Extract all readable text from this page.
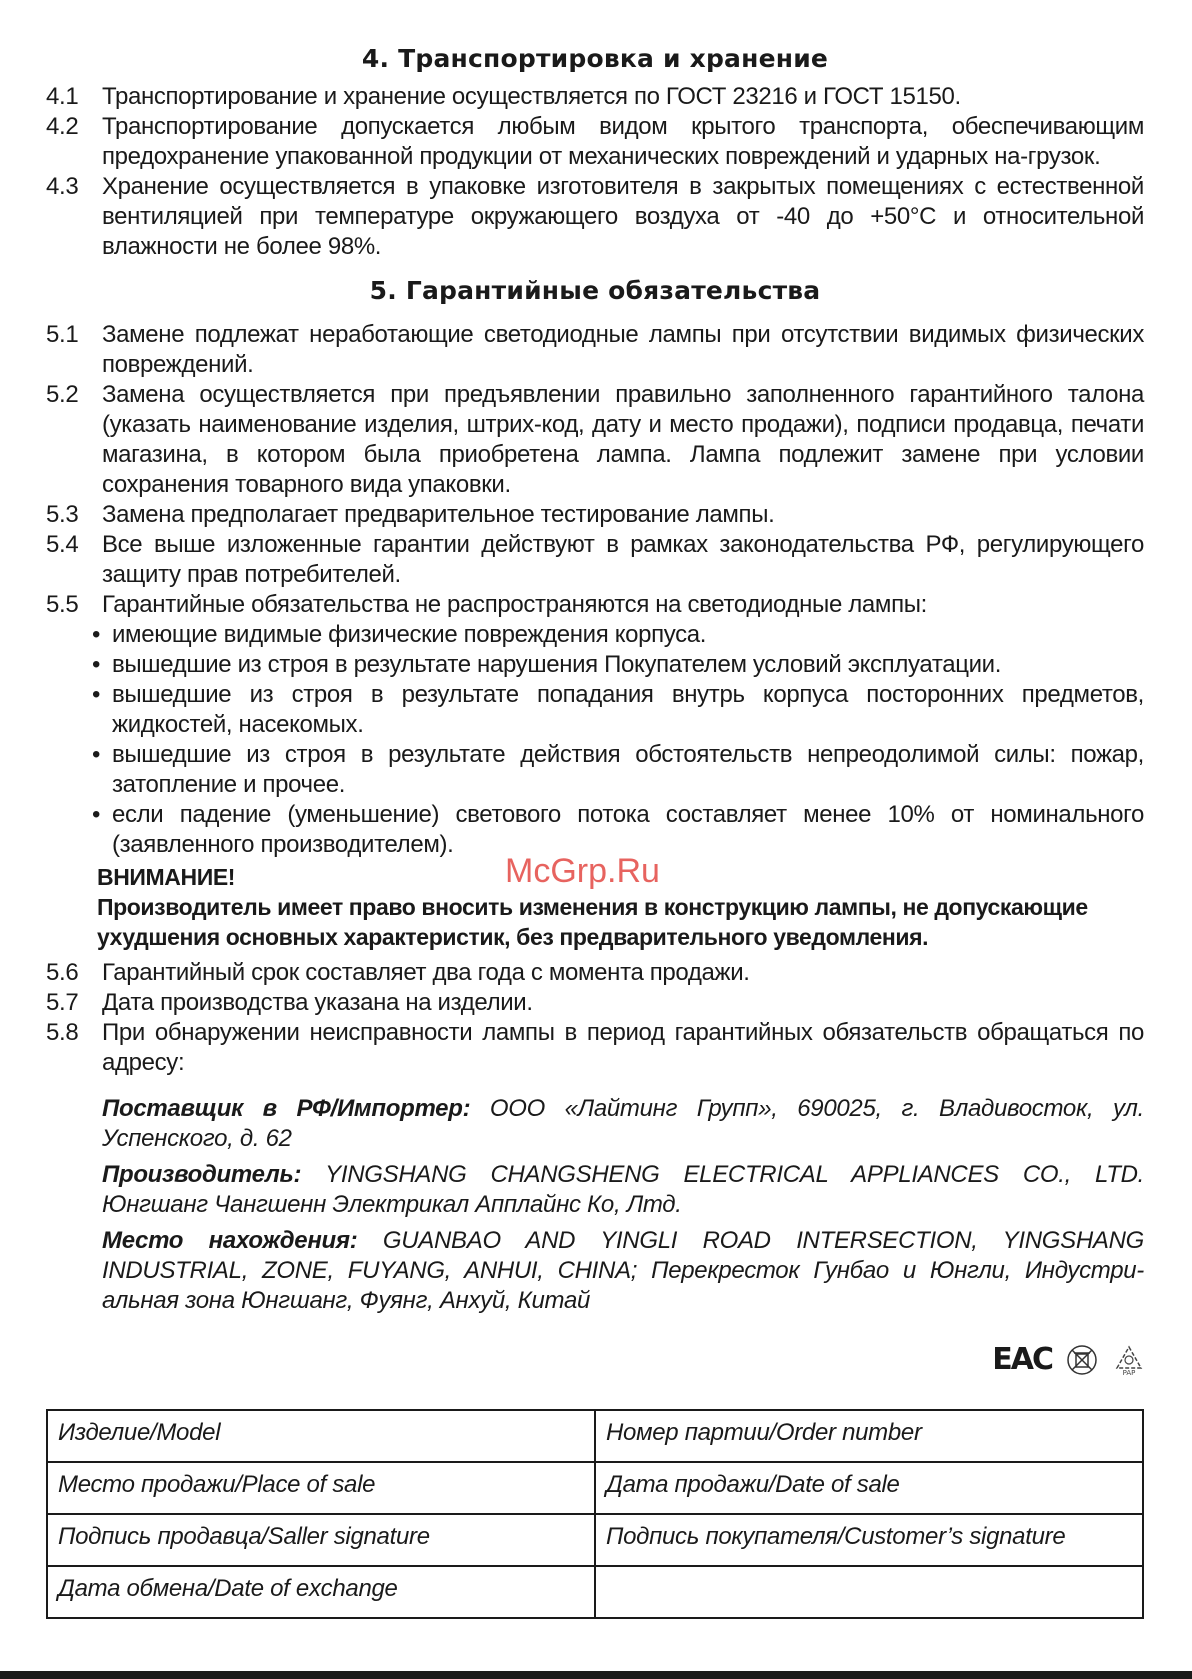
4. Транспортировка и хранение

4.1 Транспортирование и хранение осуществляется по ГОСТ 23216 и ГОСТ 15150.

4.2 Транспортирование допускается любым видом крытого транспорта, обеспечивающим предохранение упакованной продукции от механических повреждений и ударных на-грузок.

4.3 Хранение осуществляется в упаковке изготовителя в закрытых помещениях с естественной вентиляцией при температуре окружающего воздуха от -40 до +50°С и относительной влажности не более 98%.

5. Гарантийные обязательства

5.1 Замене подлежат неработающие светодиодные лампы при отсутствии видимых физических повреждений.

5.2 Замена осуществляется при предъявлении правильно заполненного гарантийного талона (указать наименование изделия, штрих-код, дату и место продажи), подписи продавца, печати магазина, в котором была приобретена лампа. Лампа подлежит замене при условии сохранения товарного вида упаковки.

5.3 Замена предполагает предварительное тестирование лампы.

5.4 Все выше изложенные гарантии действуют в рамках законодательства РФ, регулирующего защиту прав потребителей.

5.5 Гарантийные обязательства не распространяются на светодиодные лампы:

• имеющие видимые физические повреждения корпуса.
• вышедшие из строя в результате нарушения Покупателем условий эксплуатации.
• вышедшие из строя в результате попадания внутрь корпуса посторонних предметов, жидкостей, насекомых.
• вышедшие из строя в результате действия обстоятельств непреодолимой силы: пожар, затопление и прочее.
• если падение (уменьшение) светового потока составляет менее 10% от номинального (заявленного производителем).
ВНИМАНИЕ!
Производитель имеет право вносить изменения в конструкцию лампы, не допускающие ухудшения основных характеристик, без предварительного уведомления.

5.6 Гарантийный срок составляет два года с момента продажи.

5.7 Дата производства указана на изделии.

5.8 При обнаружении неисправности лампы в период гарантийных обязательств обращаться по адресу:

Поставщик в РФ/Импортер: ООО «Лайтинг Групп», 690025, г. Владивосток, ул. Успенского, д. 62

Производитель: YINGSHANG CHANGSHENG ELECTRICAL APPLIANCES CO., LTD. Юнгшанг Чангшенн Электрикал Апплайнс Ко, Лтд.

Место нахождения: GUANBAO AND YINGLI ROAD INTERSECTION, YINGSHANG INDUSTRIAL, ZONE, FUYANG, ANHUI, CHINA; Перекресток Гунбао и Юнгли, Индустри-альная зона Юнгшанг, Фуянг, Анхуй, Китай

ЕАС	PAP
Изделие/Model	Номер партии/Order number
Место продажи/Place of sale	Дата продажи/Date of sale
Подпись продавца/Saller signature	Подпись покупателя/Customer’s signature
Дата обмена/Date of exchange	
McGrp.Ru
